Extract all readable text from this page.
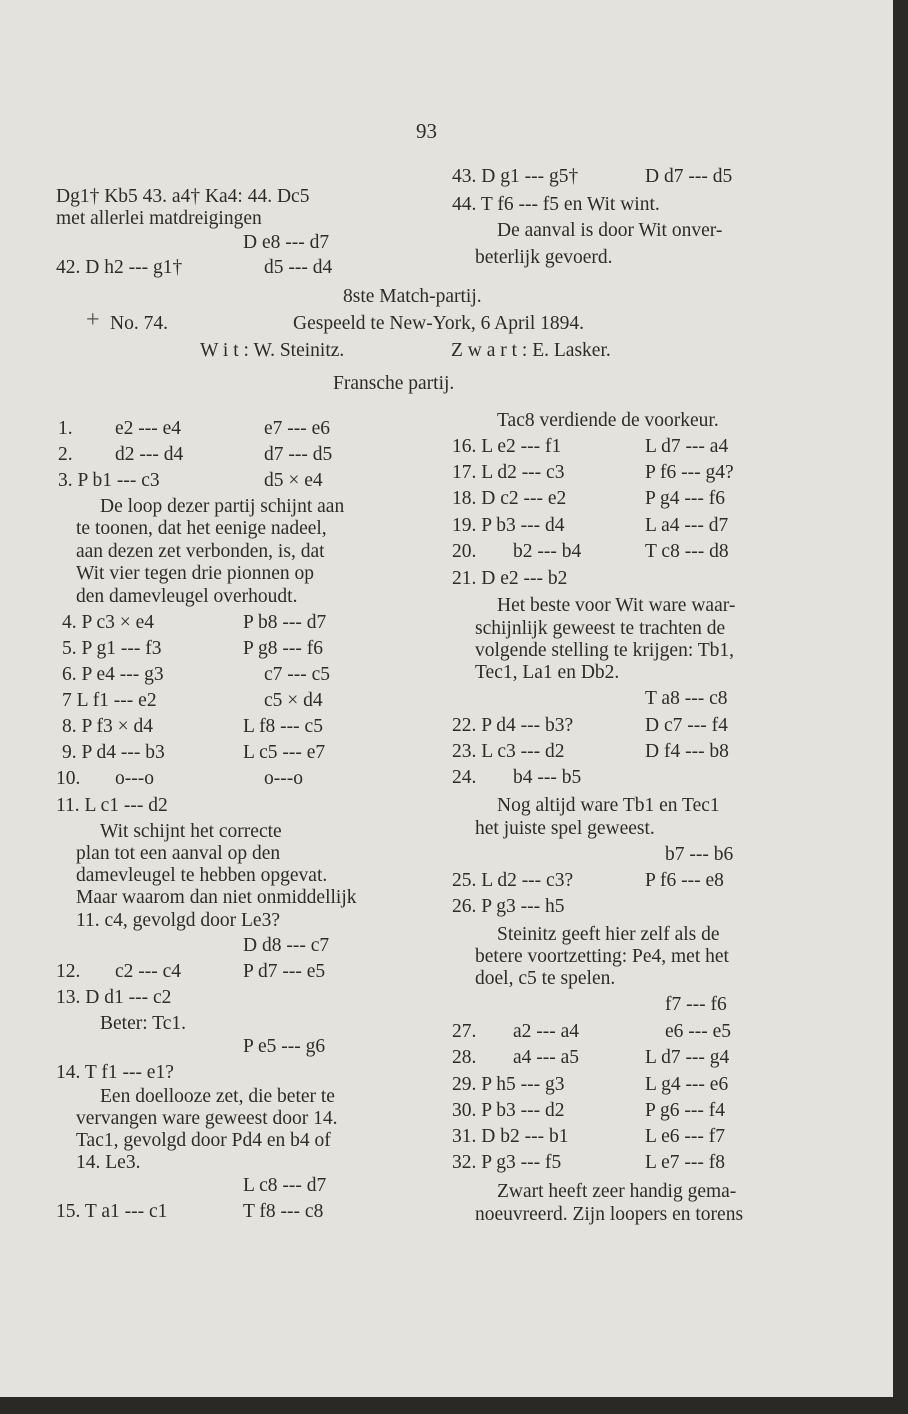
93
8ste Match-partij.
+ No. 74.	Gespeeld te New-York, 6 April 1894.
W i t : W. Steinitz.	Z w a r t : E. Lasker.
Fransche partij.
Dg1† Kb5 43. a4† Ka4: 44. Dc5
met allerlei matdreigingen
D e8 --- d7
42. D h2 --- g1†	d5 --- d4
1. e2 --- e4	e7 --- e6
2. d2 --- d4	d7 --- d5
3. P b1 --- c3	d5 × e4
De loop dezer partij schijnt aan
te toonen, dat het eenige nadeel,
aan dezen zet verbonden, is, dat
Wit vier tegen drie pionnen op
den damevleugel overhoudt.
4. P c3 × e4	P b8 --- d7
5. P g1 --- f3	P g8 --- f6
6. P e4 --- g3	c7 --- c5
7 L f1 --- e2	c5 × d4
8. P f3 × d4	L f8 --- c5
9. P d4 --- b3	L c5 --- e7
10. o---o	o---o
11. L c1 --- d2
Wit schijnt het correcte
plan tot een aanval op den
damevleugel te hebben opgevat.
Maar waarom dan niet onmiddellijk
11. c4, gevolgd door Le3?
D d8 --- c7
12. c2 --- c4	P d7 --- e5
13. D d1 --- c2
Beter: Tc1.
P e5 --- g6
14. T f1 --- e1?
Een doellooze zet, die beter te
vervangen ware geweest door 14.
Tac1, gevolgd door Pd4 en b4 of
14. Le3.
L c8 --- d7
15. T a1 --- c1	T f8 --- c8
43. D g1 --- g5†	D d7 --- d5
44. T f6 --- f5 en Wit wint.
De aanval is door Wit onver-
beterlijk gevoerd.
Tac8 verdiende de voorkeur.
16. L e2 --- f1	L d7 --- a4
17. L d2 --- c3	P f6 --- g4?
18. D c2 --- e2	P g4 --- f6
19. P b3 --- d4	L a4 --- d7
20. b2 --- b4	T c8 --- d8
21. D e2 --- b2
Het beste voor Wit ware waar-
schijnlijk geweest te trachten de
volgende stelling te krijgen: Tb1,
Tec1, La1 en Db2.
T a8 --- c8
22. P d4 --- b3?	D c7 --- f4
23. L c3 --- d2	D f4 --- b8
24. b4 --- b5
Nog altijd ware Tb1 en Tec1
het juiste spel geweest.
b7 --- b6
25. L d2 --- c3?	P f6 --- e8
26. P g3 --- h5
Steinitz geeft hier zelf als de
betere voortzetting: Pe4, met het
doel, c5 te spelen.
f7 --- f6
27. a2 --- a4	e6 --- e5
28. a4 --- a5	L d7 --- g4
29. P h5 --- g3	L g4 --- e6
30. P b3 --- d2	P g6 --- f4
31. D b2 --- b1	L e6 --- f7
32. P g3 --- f5	L e7 --- f8
Zwart heeft zeer handig gema-
noeuvreerd. Zijn loopers en torens
